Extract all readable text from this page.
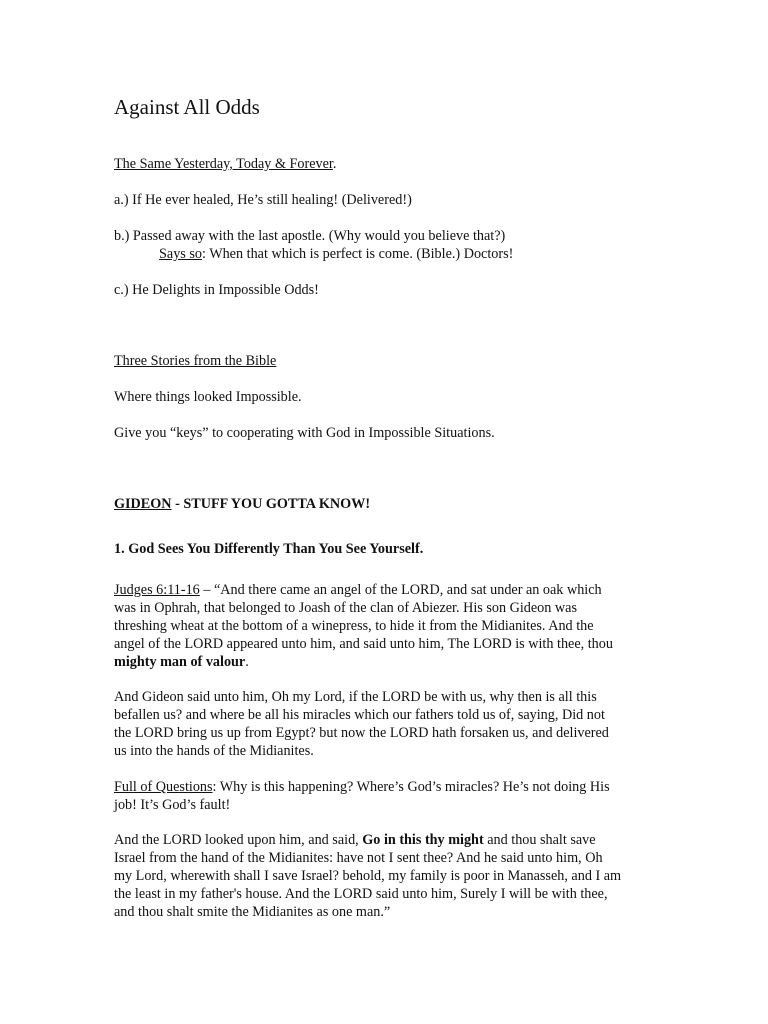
Against All Odds
The Same Yesterday, Today & Forever.
a.) If He ever healed, He’s still healing! (Delivered!)
b.) Passed away with the last apostle. (Why would you believe that?)
Says so: When that which is perfect is come. (Bible.) Doctors!
c.) He Delights in Impossible Odds!
Three Stories from the Bible
Where things looked Impossible.
Give you “keys” to cooperating with God in Impossible Situations.
GIDEON - STUFF YOU GOTTA KNOW!
1. God Sees You Differently Than You See Yourself.
Judges 6:11-16 – “And there came an angel of the LORD, and sat under an oak which
was in Ophrah, that belonged to Joash of the clan of Abiezer. His son Gideon was
threshing wheat at the bottom of a winepress, to hide it from the Midianites. And the
angel of the LORD appeared unto him, and said unto him, The LORD is with thee, thou
mighty man of valour.
And Gideon said unto him, Oh my Lord, if the LORD be with us, why then is all this
befallen us? and where be all his miracles which our fathers told us of, saying, Did not
the LORD bring us up from Egypt? but now the LORD hath forsaken us, and delivered
us into the hands of the Midianites.
Full of Questions: Why is this happening? Where’s God’s miracles? He’s not doing His
job! It’s God’s fault!
And the LORD looked upon him, and said, Go in this thy might and thou shalt save
Israel from the hand of the Midianites: have not I sent thee? And he said unto him, Oh
my Lord, wherewith shall I save Israel? behold, my family is poor in Manasseh, and I am
the least in my father's house. And the LORD said unto him, Surely I will be with thee,
and thou shalt smite the Midianites as one man.”
